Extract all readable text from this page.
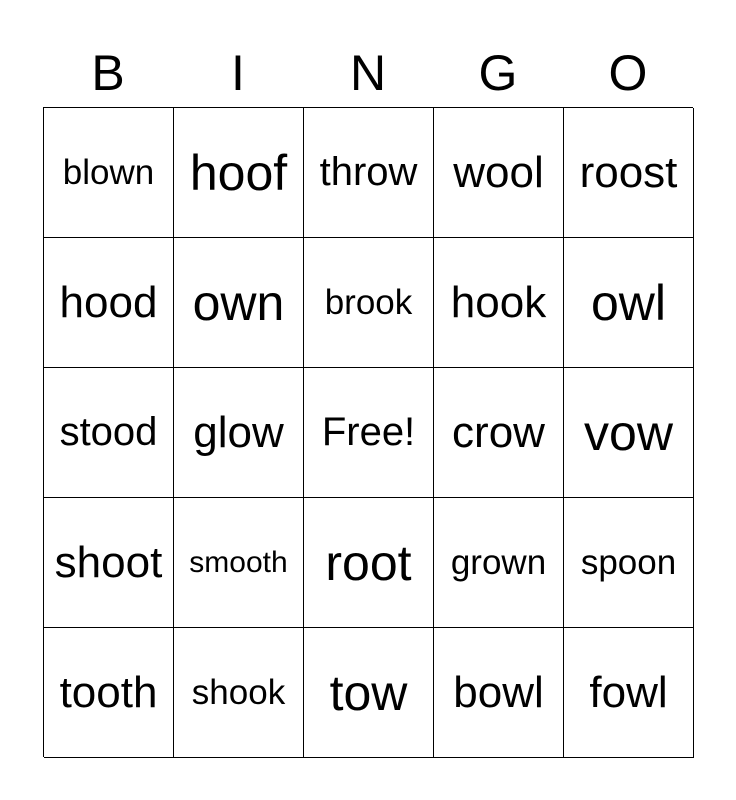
B	I	N	G	O
blown hoof throw wool roost
hood own	brook hook owl
stood glow Free! crow vow
shoot smooth root	grown spoon
tooth shook tow	bowl	fowl
